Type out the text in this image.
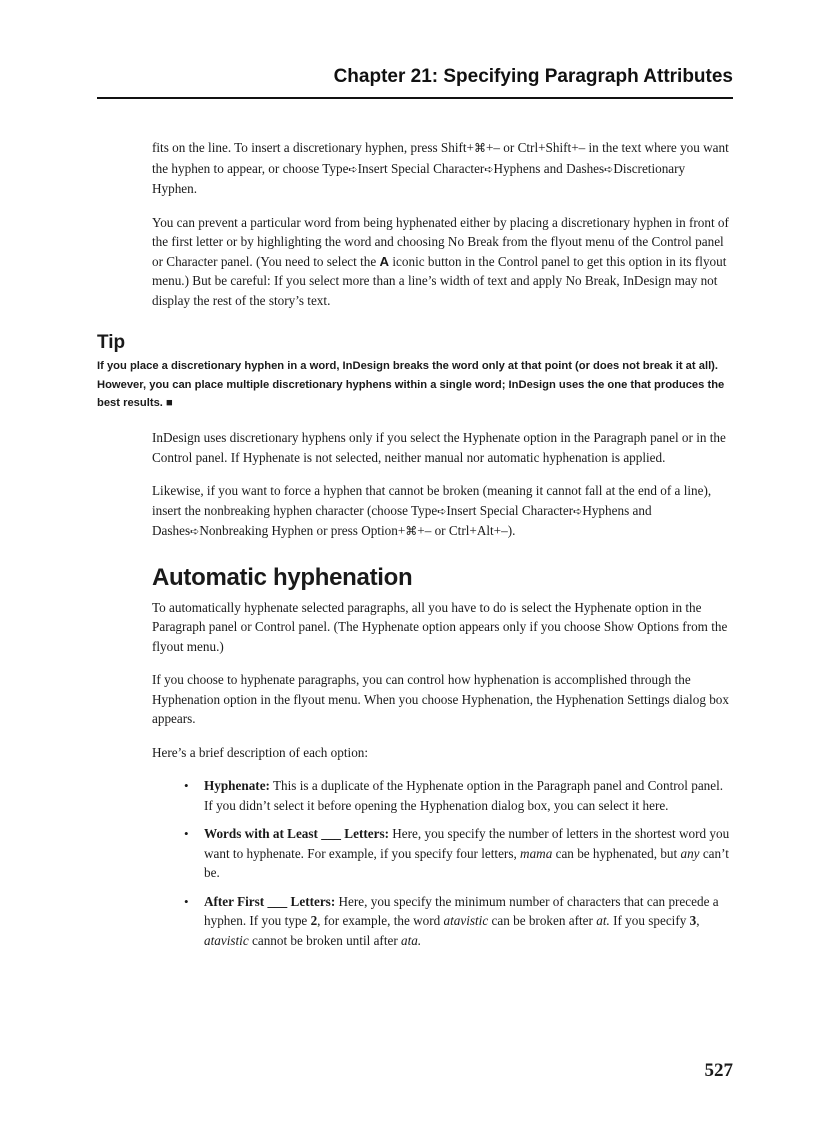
Chapter 21: Specifying Paragraph Attributes

fits on the line. To insert a discretionary hyphen, press Shift+⌘+– or Ctrl+Shift+– in the text where you want the hyphen to appear, or choose Type➪Insert Special Character➪Hyphens and Dashes➪Discretionary Hyphen.

You can prevent a particular word from being hyphenated either by placing a discretionary hyphen in front of the first letter or by highlighting the word and choosing No Break from the flyout menu of the Control panel or Character panel. (You need to select the A iconic button in the Control panel to get this option in its flyout menu.) But be careful: If you select more than a line’s width of text and apply No Break, InDesign may not display the rest of the story’s text.

Tip

If you place a discretionary hyphen in a word, InDesign breaks the word only at that point (or does not break it at all). However, you can place multiple discretionary hyphens within a single word; InDesign uses the one that produces the best results. ■

InDesign uses discretionary hyphens only if you select the Hyphenate option in the Paragraph panel or in the Control panel. If Hyphenate is not selected, neither manual nor automatic hyphenation is applied.

Likewise, if you want to force a hyphen that cannot be broken (meaning it cannot fall at the end of a line), insert the nonbreaking hyphen character (choose Type➪Insert Special Character➪Hyphens and Dashes➪Nonbreaking Hyphen or press Option+⌘+– or Ctrl+Alt+–).

Automatic hyphenation

To automatically hyphenate selected paragraphs, all you have to do is select the Hyphenate option in the Paragraph panel or Control panel. (The Hyphenate option appears only if you choose Show Options from the flyout menu.)

If you choose to hyphenate paragraphs, you can control how hyphenation is accomplished through the Hyphenation option in the flyout menu. When you choose Hyphenation, the Hyphenation Settings dialog box appears.

Here’s a brief description of each option:

• Hyphenate: This is a duplicate of the Hyphenate option in the Paragraph panel and Control panel. If you didn’t select it before opening the Hyphenation dialog box, you can select it here.
• Words with at Least ___ Letters: Here, you specify the number of letters in the shortest word you want to hyphenate. For example, if you specify four letters, mama can be hyphenated, but any can’t be.
• After First ___ Letters: Here, you specify the minimum number of characters that can precede a hyphen. If you type 2, for example, the word atavistic can be broken after at. If you specify 3, atavistic cannot be broken until after ata.
527
